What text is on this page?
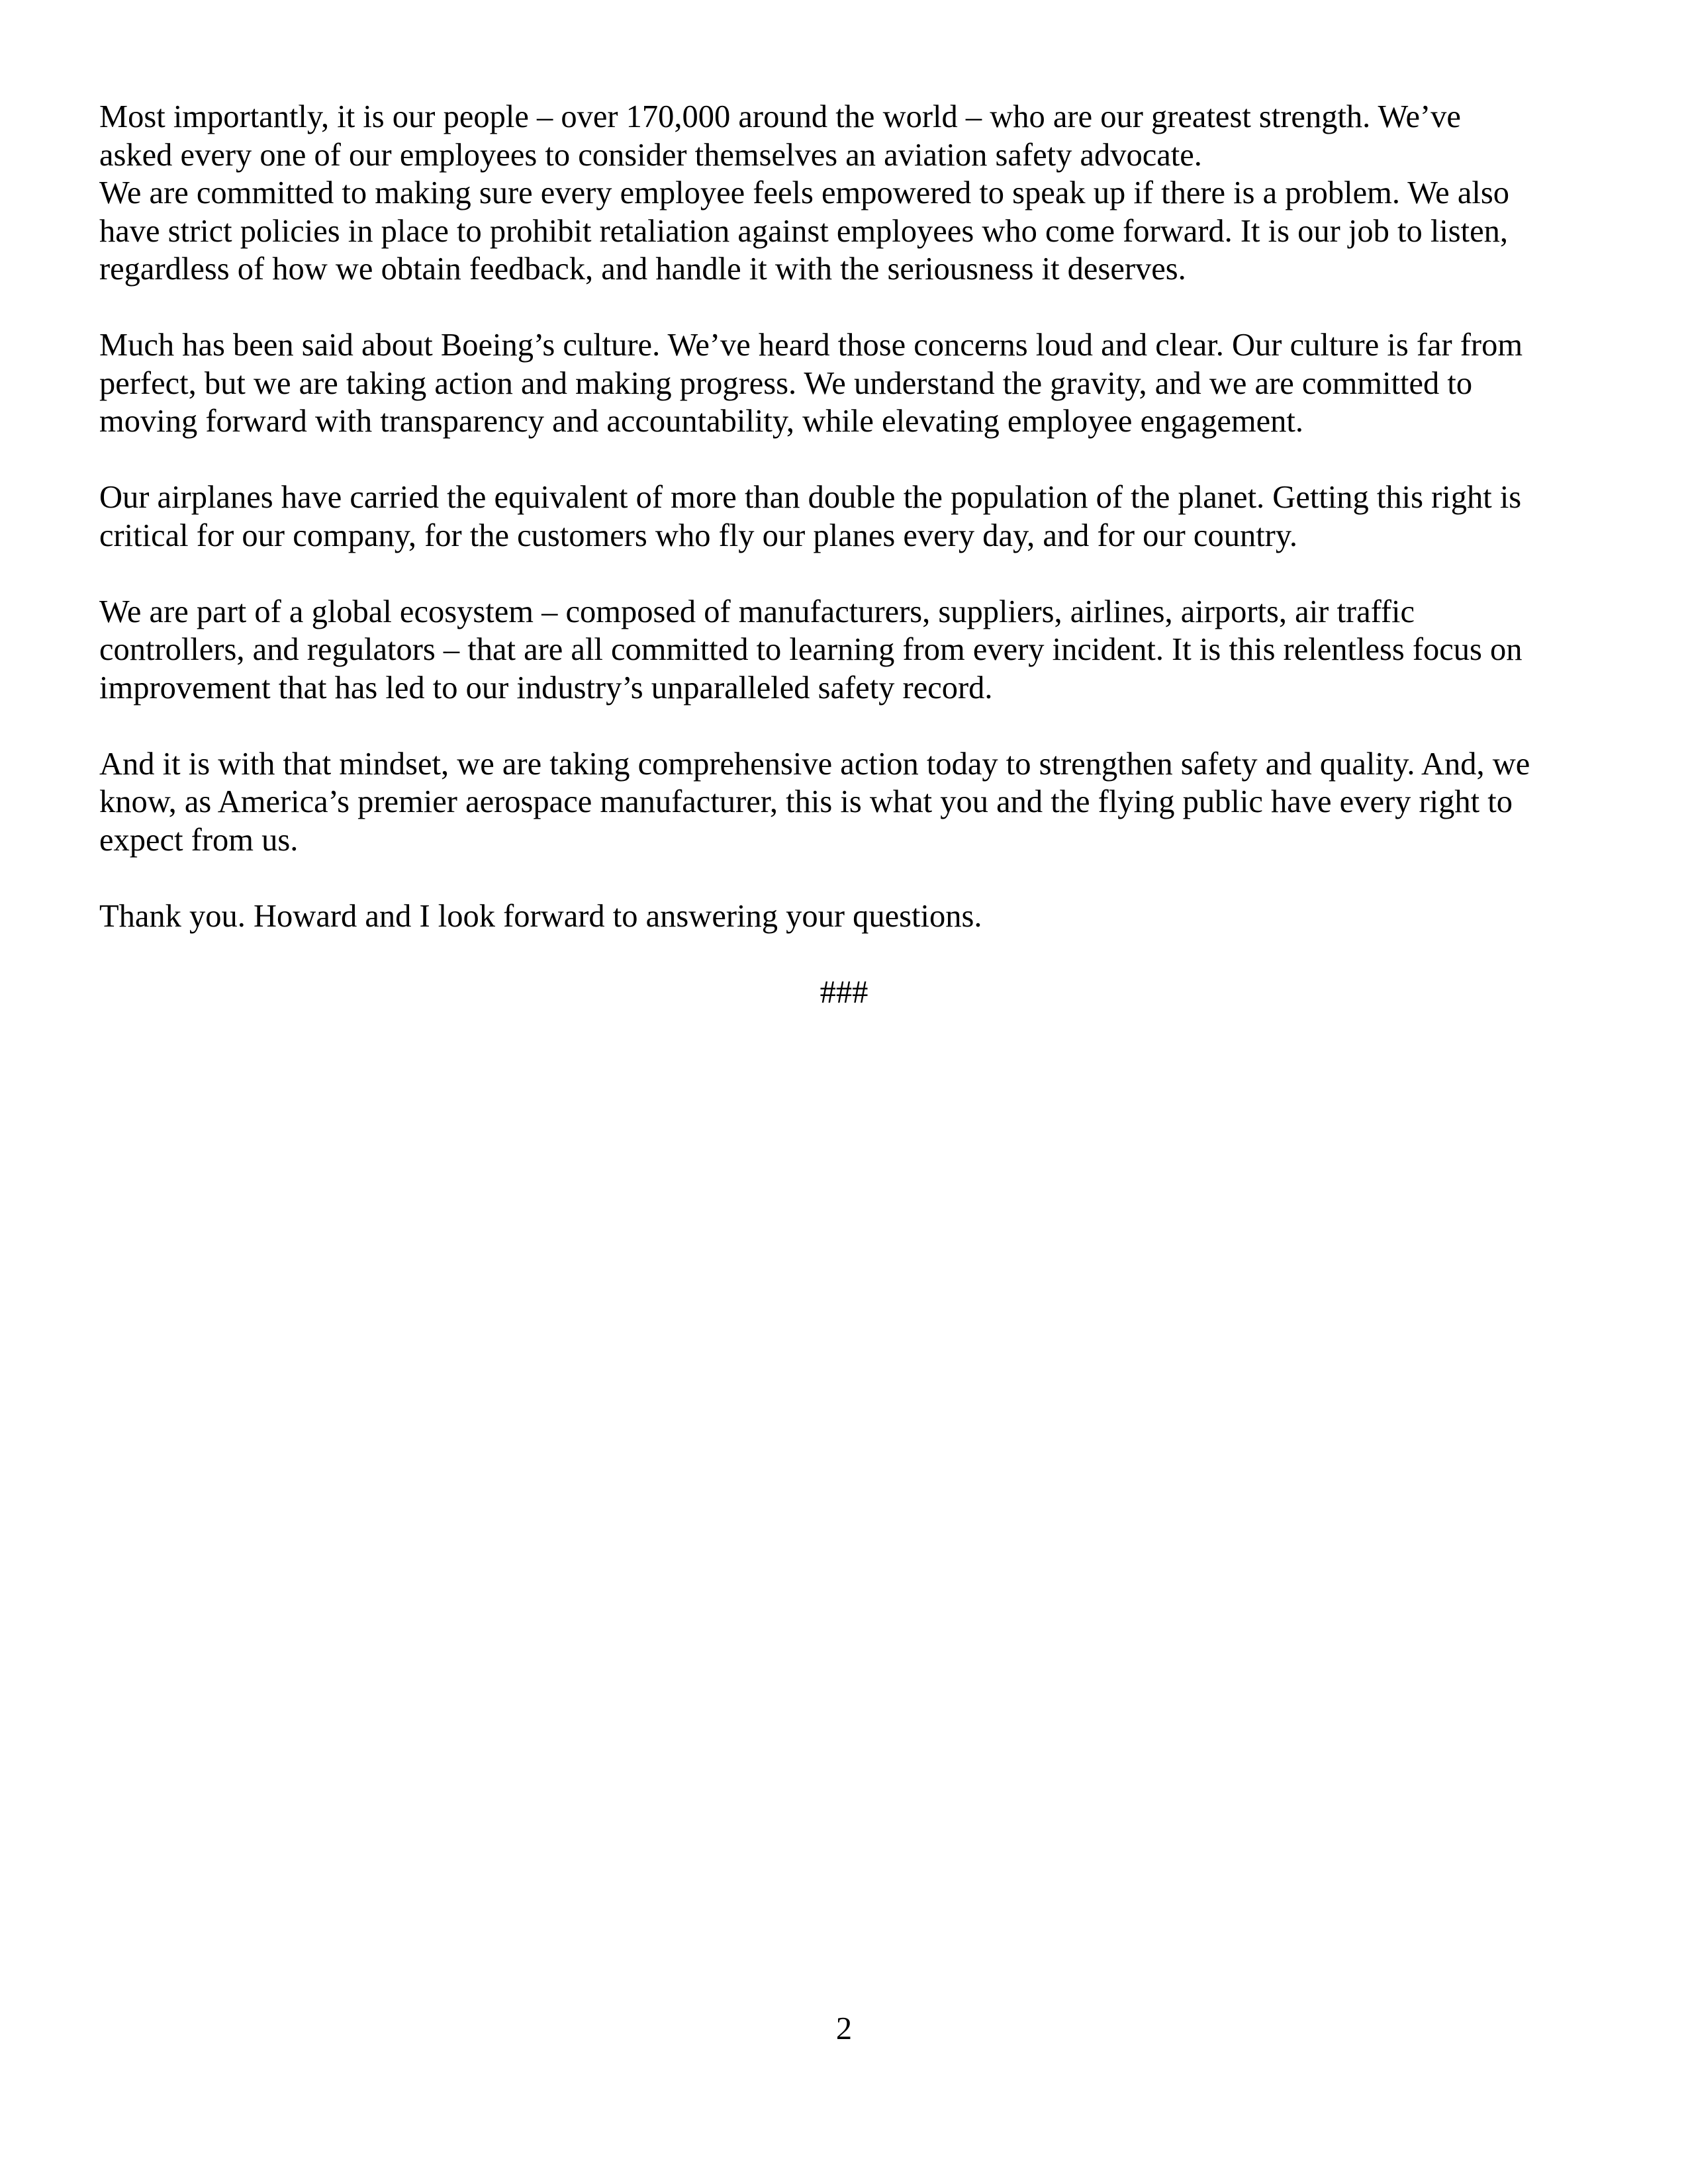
Most importantly, it is our people – over 170,000 around the world – who are our greatest strength. We’ve
asked every one of our employees to consider themselves an aviation safety advocate.

We are committed to making sure every employee feels empowered to speak up if there is a problem. We also
have strict policies in place to prohibit retaliation against employees who come forward. It is our job to listen,
regardless of how we obtain feedback, and handle it with the seriousness it deserves.

Much has been said about Boeing’s culture. We’ve heard those concerns loud and clear. Our culture is far from
perfect, but we are taking action and making progress. We understand the gravity, and we are committed to
moving forward with transparency and accountability, while elevating employee engagement.

Our airplanes have carried the equivalent of more than double the population of the planet. Getting this right is
critical for our company, for the customers who fly our planes every day, and for our country.

We are part of a global ecosystem – composed of manufacturers, suppliers, airlines, airports, air traffic
controllers, and regulators – that are all committed to learning from every incident. It is this relentless focus on
improvement that has led to our industry’s unparalleled safety record.

And it is with that mindset, we are taking comprehensive action today to strengthen safety and quality. And, we
know, as America’s premier aerospace manufacturer, this is what you and the flying public have every right to
expect from us.

Thank you. Howard and I look forward to answering your questions.

###
2
